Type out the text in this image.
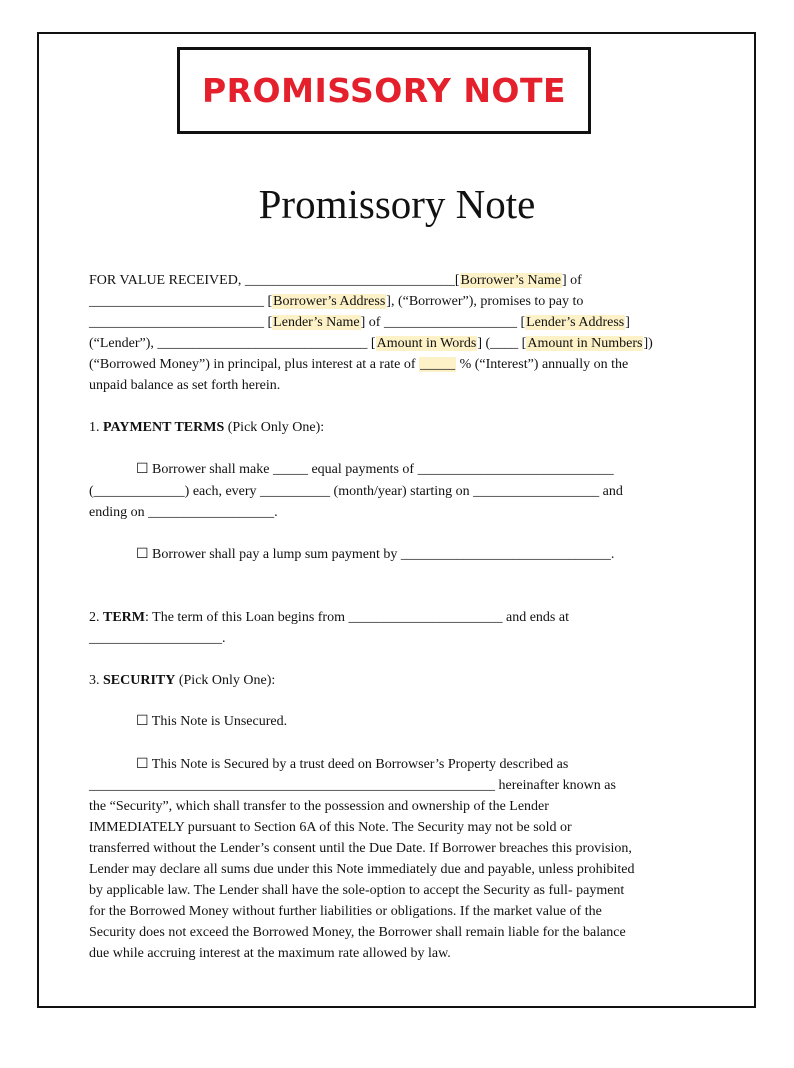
PROMISSORY NOTE
Promissory Note
FOR VALUE RECEIVED, ______________________________[Borrower’s Name] of
_________________________ [Borrower’s Address], (“Borrower”), promises to pay to
_________________________ [Lender’s Name] of ___________________ [Lender’s Address]
(“Lender”), ______________________________ [Amount in Words] (____ [Amount in Numbers])
(“Borrowed Money”) in principal, plus interest at a rate of _____ % (“Interest”) annually on the
unpaid balance as set forth herein.
1. PAYMENT TERMS (Pick Only One):
☐ Borrower shall make _____ equal payments of ____________________________
(_____________) each, every __________ (month/year) starting on __________________ and
ending on __________________.
☐ Borrower shall pay a lump sum payment by ______________________________.
2. TERM: The term of this Loan begins from ______________________ and ends at
___________________.
3. SECURITY (Pick Only One):
☐ This Note is Unsecured.
☐ This Note is Secured by a trust deed on Borrowser’s Property described as
__________________________________________________________ hereinafter known as
the “Security”, which shall transfer to the possession and ownership of the Lender
IMMEDIATELY pursuant to Section 6A of this Note. The Security may not be sold or
transferred without the Lender’s consent until the Due Date. If Borrower breaches this provision,
Lender may declare all sums due under this Note immediately due and payable, unless prohibited
by applicable law. The Lender shall have the sole-option to accept the Security as full- payment
for the Borrowed Money without further liabilities or obligations. If the market value of the
Security does not exceed the Borrowed Money, the Borrower shall remain liable for the balance
due while accruing interest at the maximum rate allowed by law.
